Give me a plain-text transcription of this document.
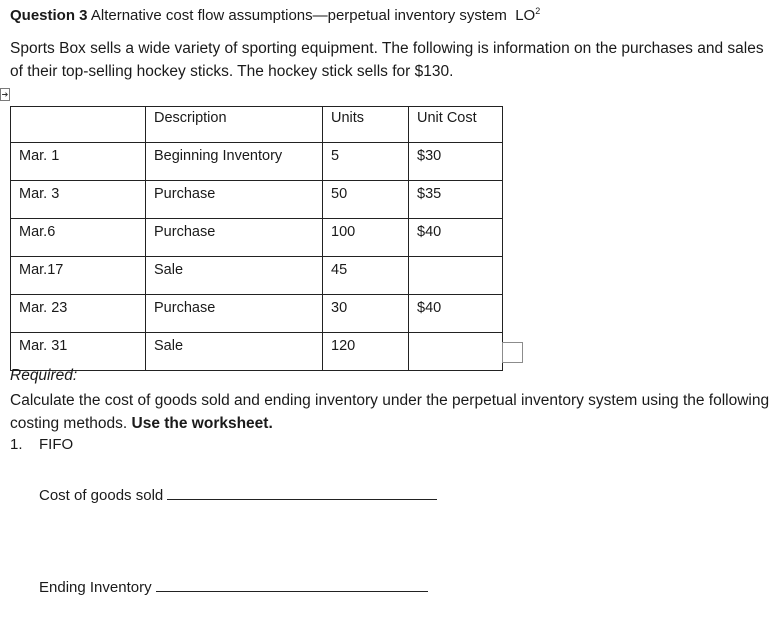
Question 3 Alternative cost flow assumptions—perpetual inventory system $LO^2$
Sports Box sells a wide variety of sporting equipment. The following is information on the purchases and sales of their top-selling hockey sticks. The hockey stick sells for $130.
➔
	Description	Units	Unit Cost
Mar. 1	Beginning Inventory	5	$30
Mar. 3	Purchase	50	$35
Mar.6	Purchase	100	$40
Mar.17	Sale	45	
Mar. 23	Purchase	30	$40
Mar. 31	Sale	120	
Required:
Calculate the cost of goods sold and ending inventory under the perpetual inventory system using the following costing methods. Use the worksheet.
1. FIFO
Cost of goods sold
Ending Inventory
